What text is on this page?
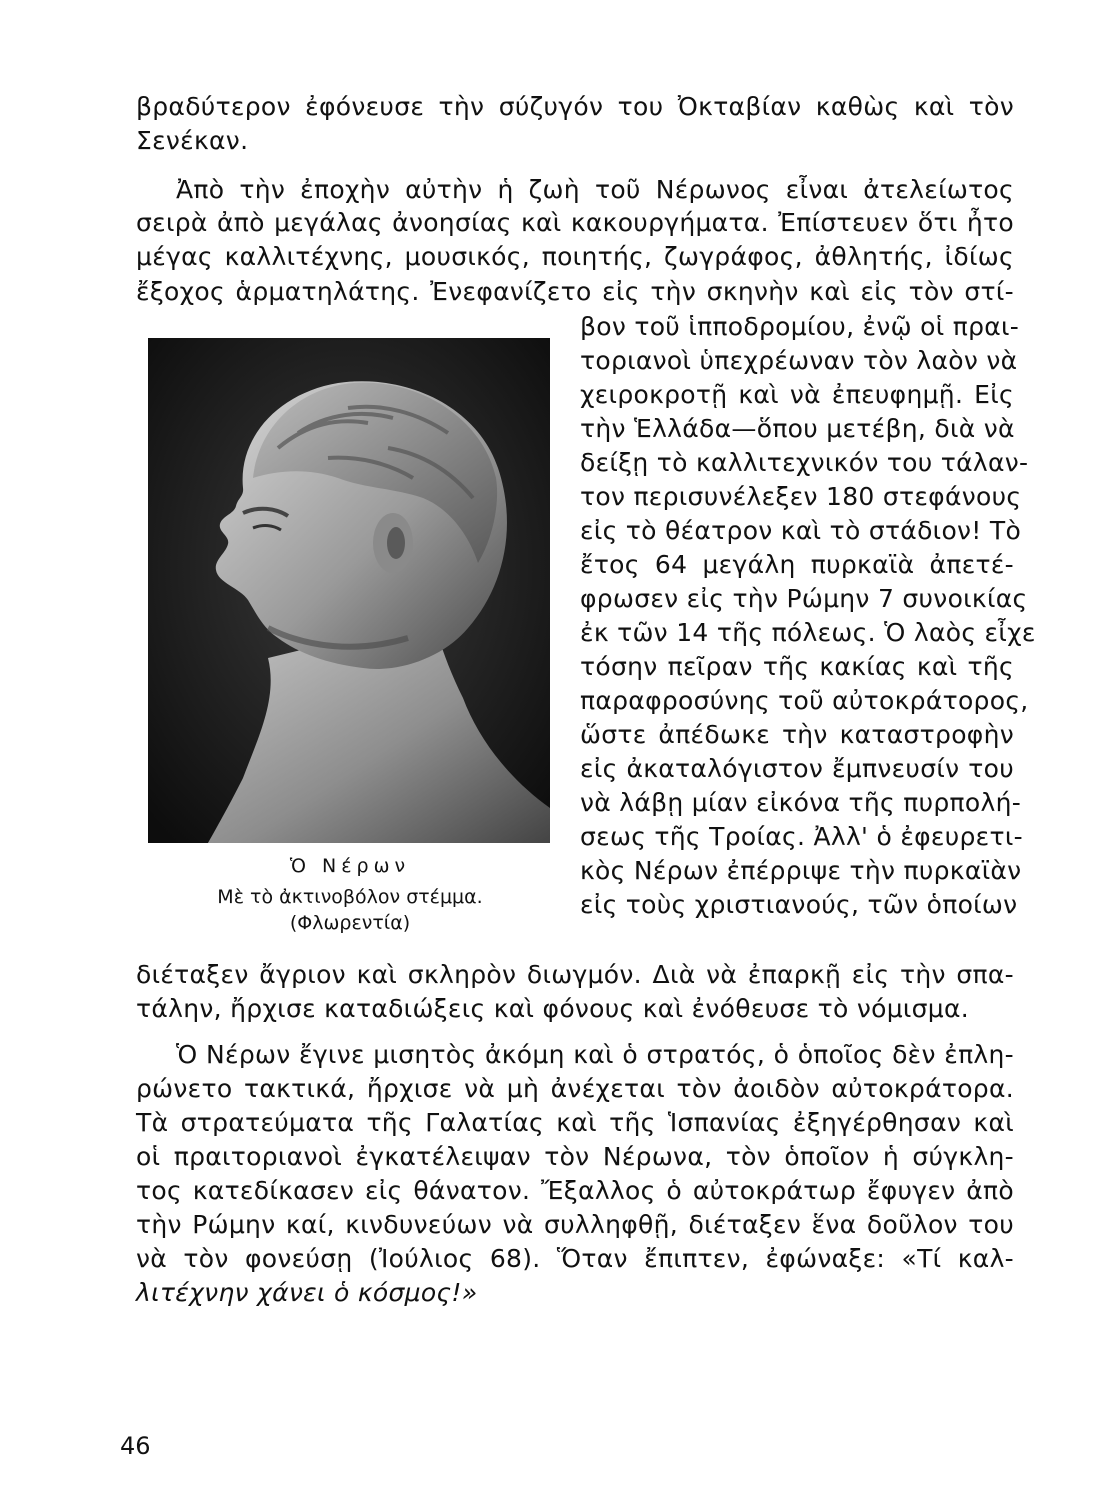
βραδύτερον ἐφόνευσε τὴν σύζυγόν του Ὀκταβίαν καθὼς καὶ τὸν
Σενέκαν.
Ἀπὸ τὴν ἐποχὴν αὐτὴν ἡ ζωὴ τοῦ Νέρωνος εἶναι ἀτελείωτος
σειρὰ ἀπὸ μεγάλας ἀνοησίας καὶ κακουργήματα. Ἐπίστευεν ὅτι ἦτο
μέγας καλλιτέχνης, μουσικός, ποιητής, ζωγράφος, ἀθλητής, ἰδίως
ἔξοχος ἁρματηλάτης. Ἐνεφανίζετο εἰς τὴν σκηνὴν καὶ εἰς τὸν στί-
βον τοῦ ἱπποδρομίου, ἐνῷ οἱ πραι-
τοριανοὶ ὑπεχρέωναν τὸν λαὸν νὰ
χειροκροτῇ καὶ νὰ ἐπευφημῇ. Εἰς
τὴν Ἑλλάδα—ὅπου μετέβη, διὰ νὰ
δείξῃ τὸ καλλιτεχνικόν του τάλαν-
τον περισυνέλεξεν 180 στεφάνους
εἰς τὸ θέατρον καὶ τὸ στάδιον! Τὸ
ἔτος 64 μεγάλη πυρκαϊὰ ἀπετέ-
φρωσεν εἰς τὴν Ρώμην 7 συνοικίας
ἐκ τῶν 14 τῆς πόλεως. Ὁ λαὸς εἶχε
τόσην πεῖραν τῆς κακίας καὶ τῆς
παραφροσύνης τοῦ αὐτοκράτορος,
ὥστε ἀπέδωκε τὴν καταστροφὴν
εἰς ἀκαταλόγιστον ἔμπνευσίν του
νὰ λάβῃ μίαν εἰκόνα τῆς πυρπολή-
σεως τῆς Τροίας. Ἀλλ' ὁ ἐφευρετι-
κὸς Νέρων ἐπέρριψε τὴν πυρκαϊὰν
εἰς τοὺς χριστιανούς, τῶν ὁποίων
Ὁ Νέρων
Μὲ τὸ ἀκτινοβόλον στέμμα.
(Φλωρεντία)
διέταξεν ἄγριον καὶ σκληρὸν διωγμόν. Διὰ νὰ ἐπαρκῇ εἰς τὴν σπα-
τάλην, ἤρχισε καταδιώξεις καὶ φόνους καὶ ἐνόθευσε τὸ νόμισμα.
Ὁ Νέρων ἔγινε μισητὸς ἀκόμη καὶ ὁ στρατός, ὁ ὁποῖος δὲν ἐπλη-
ρώνετο τακτικά, ἤρχισε νὰ μὴ ἀνέχεται τὸν ἀοιδὸν αὐτοκράτορα.
Τὰ στρατεύματα τῆς Γαλατίας καὶ τῆς Ἱσπανίας ἐξηγέρθησαν καὶ
οἱ πραιτοριανοὶ ἐγκατέλειψαν τὸν Νέρωνα, τὸν ὁποῖον ἡ σύγκλη-
τος κατεδίκασεν εἰς θάνατον. Ἔξαλλος ὁ αὐτοκράτωρ ἔφυγεν ἀπὸ
τὴν Ρώμην καί, κινδυνεύων νὰ συλληφθῇ, διέταξεν ἕνα δοῦλον του
νὰ τὸν φονεύσῃ (Ἰούλιος 68). Ὅταν ἔπιπτεν, ἐφώναξε: «Τί καλ-
λιτέχνην χάνει ὁ κόσμος!»
46
